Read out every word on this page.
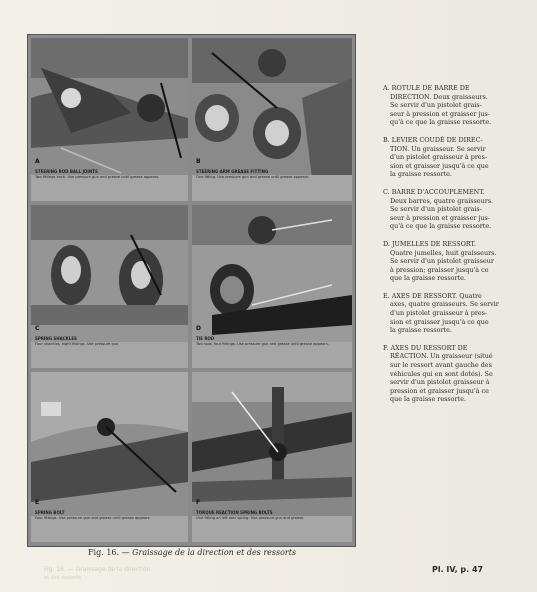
A
STEERING ROD BALL JOINTS
Two fittings each. Use pressure gun and grease until grease appears.
B
STEERING ARM GREASE FITTING
One fitting. Use pressure gun and grease until grease appears.
C
SPRING SHACKLES
Four shackles, eight fittings. Use pressure gun.
D
TIE ROD
Two rods, four fittings. Use pressure gun and grease until grease appears.
E
SPRING BOLT
Four fittings. Use pressure gun and grease until grease appears.
F
TORQUE REACTION SPRING BOLTS
One fitting on left rear spring. Use pressure gun and grease.
Fig. 16. — Graissage de la direction et des ressorts
Fig. 16. — Graissage de la direction
et des ressorts
Pl. IV, p. 47
A. ROTULE DE BARRE DE
DIRECTION. Deux graisseurs.
Se servir d'un pistolet grais-
seur à pression et graisser jus-
qu'à ce que la graisse ressorte.
B. LEVIER COUDÉ DE DIREC-
TION. Un graisseur. Se servir
d'un pistolet graisseur à pres-
sion et graisser jusqu'à ce que
la graisse ressorte.
C. BARRE D'ACCOUPLEMENT.
Deux barres, quatre graisseurs.
Se servir d'un pistolet grais-
seur à pression et graisser jus-
qu'à ce que la graisse ressorte.
D. JUMELLES DE RESSORT.
Quatre jumelles, huit graisseurs.
Se servir d'un pistolet graisseur
à pression; graisser jusqu'à ce
que la graisse ressorte.
E. AXES DE RESSORT. Quatre
axes, quatre graisseurs. Se servir
d'un pistolet graisseur à pres-
sion et graisser jusqu'à ce que
la graisse ressorte.
F. AXES DU RESSORT DE
RÉACTION. Un graisseur (situé
sur le ressort avant gauche des
véhicules qui en sont dotés). Se
servir d'un pistolet graisseur à
pression et graisser jusqu'à ce
que la graisse ressorte.
